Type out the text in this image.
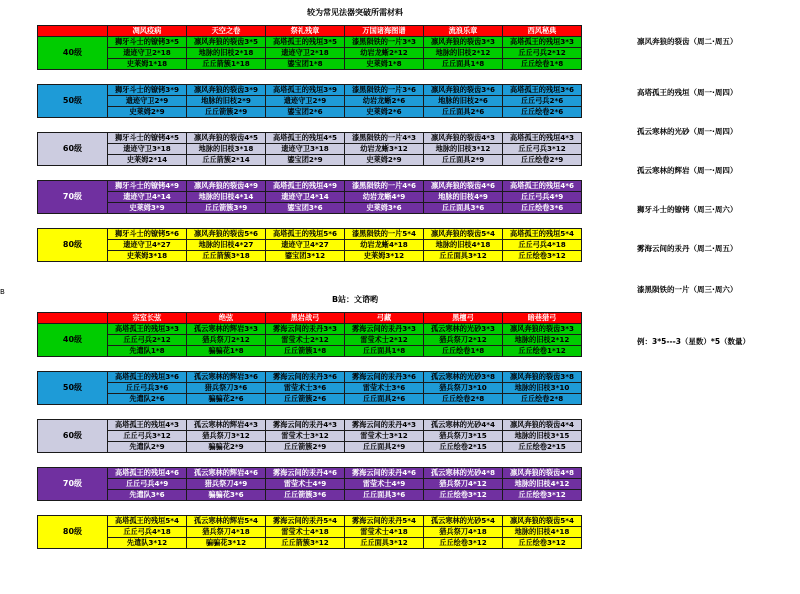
较为常见法器突破所需材料
B站：文谘哟
B
	凋风疫病	天空之卷	祭礼残章	万国诸海图谱	流浪乐章	西风秘典
40级	狮牙斗士的镣铐3*5	凛风奔狼的裂齿3*5	高塔孤王的残垣3*5	漆黑陨铁的一片3*3	凛风奔狼的裂齿3*3	高塔孤王的残垣3*3
	遗迹守卫2*18	地脉的旧枝2*18	遗迹守卫2*18	幼岩龙蜥2*12	地脉的旧枝2*12	丘丘弓兵2*12
	史莱姆1*18	丘丘箭簇1*18	鎏宝团1*8	史莱姆1*8	丘丘面具1*8	丘丘绘卷1*8

50级	狮牙斗士的镣铐3*9	凛风奔狼的裂齿3*9	高塔孤王的残垣3*9	漆黑陨铁的一片3*6	凛风奔狼的裂齿3*6	高塔孤王的残垣3*6
	遗迹守卫2*9	地脉的旧枝2*9	遗迹守卫2*9	幼岩龙蜥2*6	地脉的旧枝2*6	丘丘弓兵2*6
	史莱姆2*9	丘丘箭簇2*9	鎏宝团2*6	史莱姆2*6	丘丘面具2*6	丘丘绘卷2*6

60级	狮牙斗士的镣铐4*5	凛风奔狼的裂齿4*5	高塔孤王的残垣4*5	漆黑陨铁的一片4*3	凛风奔狼的裂齿4*3	高塔孤王的残垣4*3
	遗迹守卫3*18	地脉的旧枝3*18	遗迹守卫3*18	幼岩龙蜥3*12	地脉的旧枝3*12	丘丘弓兵3*12
	史莱姆2*14	丘丘箭簇2*14	鎏宝团2*9	史莱姆2*9	丘丘面具2*9	丘丘绘卷2*9

70级	狮牙斗士的镣铐4*9	凛风奔狼的裂齿4*9	高塔孤王的残垣4*9	漆黑陨铁的一片4*6	凛风奔狼的裂齿4*6	高塔孤王的残垣4*6
	遗迹守卫4*14	地脉的旧枝4*14	遗迹守卫4*14	幼岩龙蜥4*9	地脉的旧枝4*9	丘丘弓兵4*9
	史莱姆3*9	丘丘箭簇3*9	鎏宝团3*6	史莱姆3*6	丘丘面具3*6	丘丘绘卷3*6

80级	狮牙斗士的镣铐5*6	凛风奔狼的裂齿5*6	高塔孤王的残垣5*6	漆黑陨铁的一片5*4	凛风奔狼的裂齿5*4	高塔孤王的残垣5*4
	遗迹守卫4*27	地脉的旧枝4*27	遗迹守卫4*27	幼岩龙蜥4*18	地脉的旧枝4*18	丘丘弓兵4*18
	史莱姆3*18	丘丘箭簇3*18	鎏宝团3*12	史莱姆3*12	丘丘面具3*12	丘丘绘卷3*12
	宗室长弦	绝弦	黑岩战弓	弓藏	黑檀弓	暗巷猎弓
40级	高塔孤王的残垣3*3	孤云寒林的辉岩3*3	雾海云间的汞丹3*3	雾海云间的汞丹3*3	孤云寒林的光砂3*3	凛风奔狼的裂齿3*3
	丘丘弓兵2*12	猎兵祭刀2*12	雷莹术士2*12	雷莹术士2*12	猎兵祭刀2*12	地脉的旧枝2*12
	先遣队1*8	骗骗花1*8	丘丘箭簇1*8	丘丘面具1*8	丘丘绘卷1*8	丘丘绘卷1*12

50级	高塔孤王的残垣3*6	孤云寒林的辉岩3*6	雾海云间的汞丹3*6	雾海云间的汞丹3*6	孤云寒林的光砂3*8	凛风奔狼的裂齿3*8
	丘丘弓兵3*6	猎兵祭刀3*6	雷莹术士3*6	雷莹术士3*6	猎兵祭刀3*10	地脉的旧枝3*10
	先遣队2*6	骗骗花2*6	丘丘箭簇2*6	丘丘面具2*6	丘丘绘卷2*8	丘丘绘卷2*8

60级	高塔孤王的残垣4*3	孤云寒林的辉岩4*3	雾海云间的汞丹4*3	雾海云间的汞丹4*3	孤云寒林的光砂4*4	凛风奔狼的裂齿4*4
	丘丘弓兵3*12	猎兵祭刀3*12	雷莹术士3*12	雷莹术士3*12	猎兵祭刀3*15	地脉的旧枝3*15
	先遣队2*9	骗骗花2*9	丘丘箭簇2*9	丘丘面具2*9	丘丘绘卷2*15	丘丘绘卷2*15

70级	高塔孤王的残垣4*6	孤云寒林的辉岩4*6	雾海云间的汞丹4*6	雾海云间的汞丹4*6	孤云寒林的光砂4*8	凛风奔狼的裂齿4*8
	丘丘弓兵4*9	猎兵祭刀4*9	雷莹术士4*9	雷莹术士4*9	猎兵祭刀4*12	地脉的旧枝4*12
	先遣队3*6	骗骗花3*6	丘丘箭簇3*6	丘丘面具3*6	丘丘绘卷3*12	丘丘绘卷3*12

80级	高塔孤王的残垣5*4	孤云寒林的辉岩5*4	雾海云间的汞丹5*4	雾海云间的汞丹5*4	孤云寒林的光砂5*4	凛风奔狼的裂齿5*4
	丘丘弓兵4*18	猎兵祭刀4*18	雷莹术士4*18	雷莹术士4*18	猎兵祭刀4*18	地脉的旧枝4*18
	先遣队3*12	骗骗花3*12	丘丘箭簇3*12	丘丘面具3*12	丘丘绘卷3*12	丘丘绘卷3*12
凛风奔狼的裂齿（周二·周五）
高塔孤王的残垣（周一·周四）
孤云寒林的光砂（周一·周四）
孤云寒林的辉岩（周一·周四）
狮牙斗士的镣铐（周三·周六）
雾海云间的汞丹（周二·周五）
漆黑陨铁的一片（周三·周六）
例：3*5---3（星数）*5（数量）
